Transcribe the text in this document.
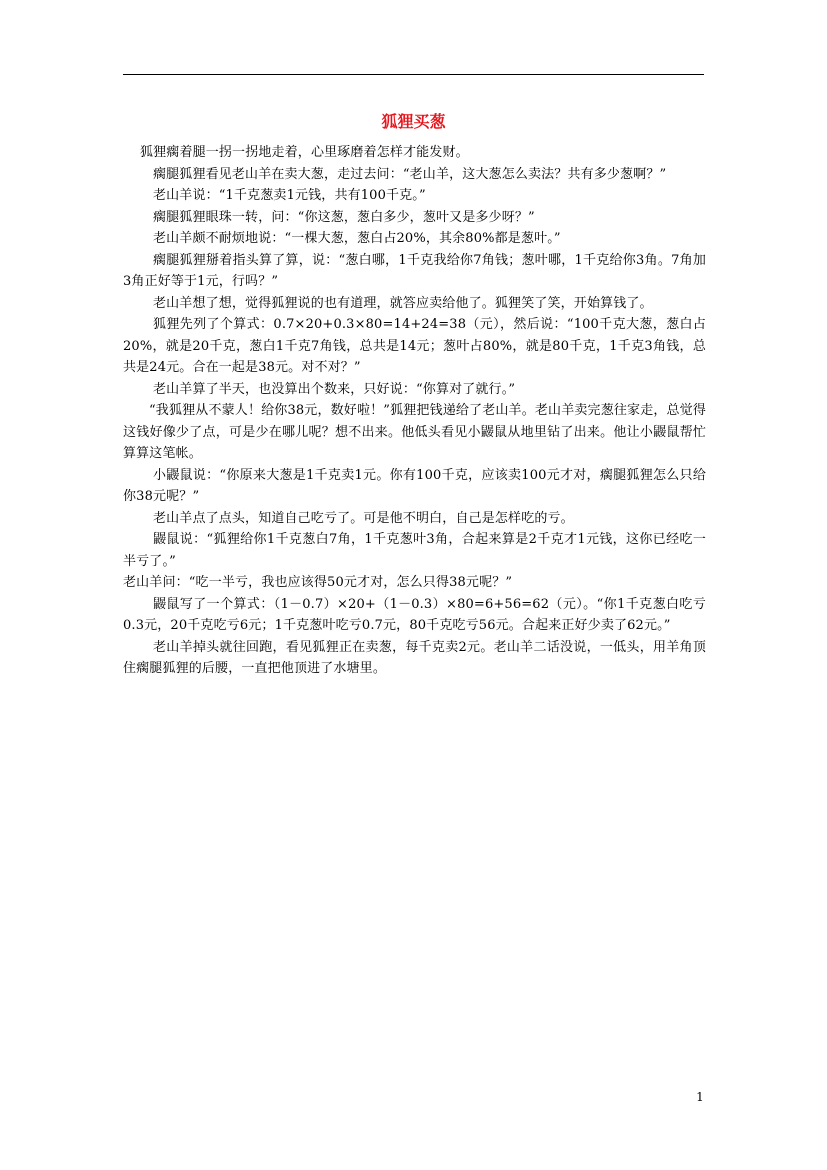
狐狸买葱

狐狸瘸着腿一拐一拐地走着，心里琢磨着怎样才能发财。

瘸腿狐狸看见老山羊在卖大葱，走过去问：“老山羊，这大葱怎么卖法？共有多少葱啊？”

老山羊说：“1千克葱卖1元钱，共有100千克。”

瘸腿狐狸眼珠一转，问：“你这葱，葱白多少，葱叶又是多少呀？”

老山羊颇不耐烦地说：“一棵大葱，葱白占20%，其余80%都是葱叶。”

瘸腿狐狸掰着指头算了算，说：“葱白哪，1千克我给你7角钱；葱叶哪，1千克给你3角。7角加3角正好等于1元，行吗？”

老山羊想了想，觉得狐狸说的也有道理，就答应卖给他了。狐狸笑了笑，开始算钱了。

狐狸先列了个算式：0.7×20+0.3×80=14+24=38（元），然后说：“100千克大葱，葱白占20%，就是20千克，葱白1千克7角钱，总共是14元；葱叶占80%，就是80千克，1千克3角钱，总共是24元。合在一起是38元。对不对？”

老山羊算了半天，也没算出个数来，只好说：“你算对了就行。”

“我狐狸从不蒙人！给你38元，数好啦！”狐狸把钱递给了老山羊。老山羊卖完葱往家走，总觉得这钱好像少了点，可是少在哪儿呢？想不出来。他低头看见小鼹鼠从地里钻了出来。他让小鼹鼠帮忙算算这笔帐。

小鼹鼠说：“你原来大葱是1千克卖1元。你有100千克，应该卖100元才对，瘸腿狐狸怎么只给你38元呢？”

老山羊点了点头，知道自己吃亏了。可是他不明白，自己是怎样吃的亏。

鼹鼠说：“狐狸给你1千克葱白7角，1千克葱叶3角，合起来算是2千克才1元钱，这你已经吃一半亏了。”

老山羊问：“吃一半亏，我也应该得50元才对，怎么只得38元呢？”

鼹鼠写了一个算式：（1－0.7）×20+（1－0.3）×80=6+56=62（元）。“你1千克葱白吃亏0.3元，20千克吃亏6元；1千克葱叶吃亏0.7元，80千克吃亏56元。合起来正好少卖了62元。”

老山羊掉头就往回跑，看见狐狸正在卖葱，每千克卖2元。老山羊二话没说，一低头，用羊角顶住瘸腿狐狸的后腰，一直把他顶进了水塘里。

1
